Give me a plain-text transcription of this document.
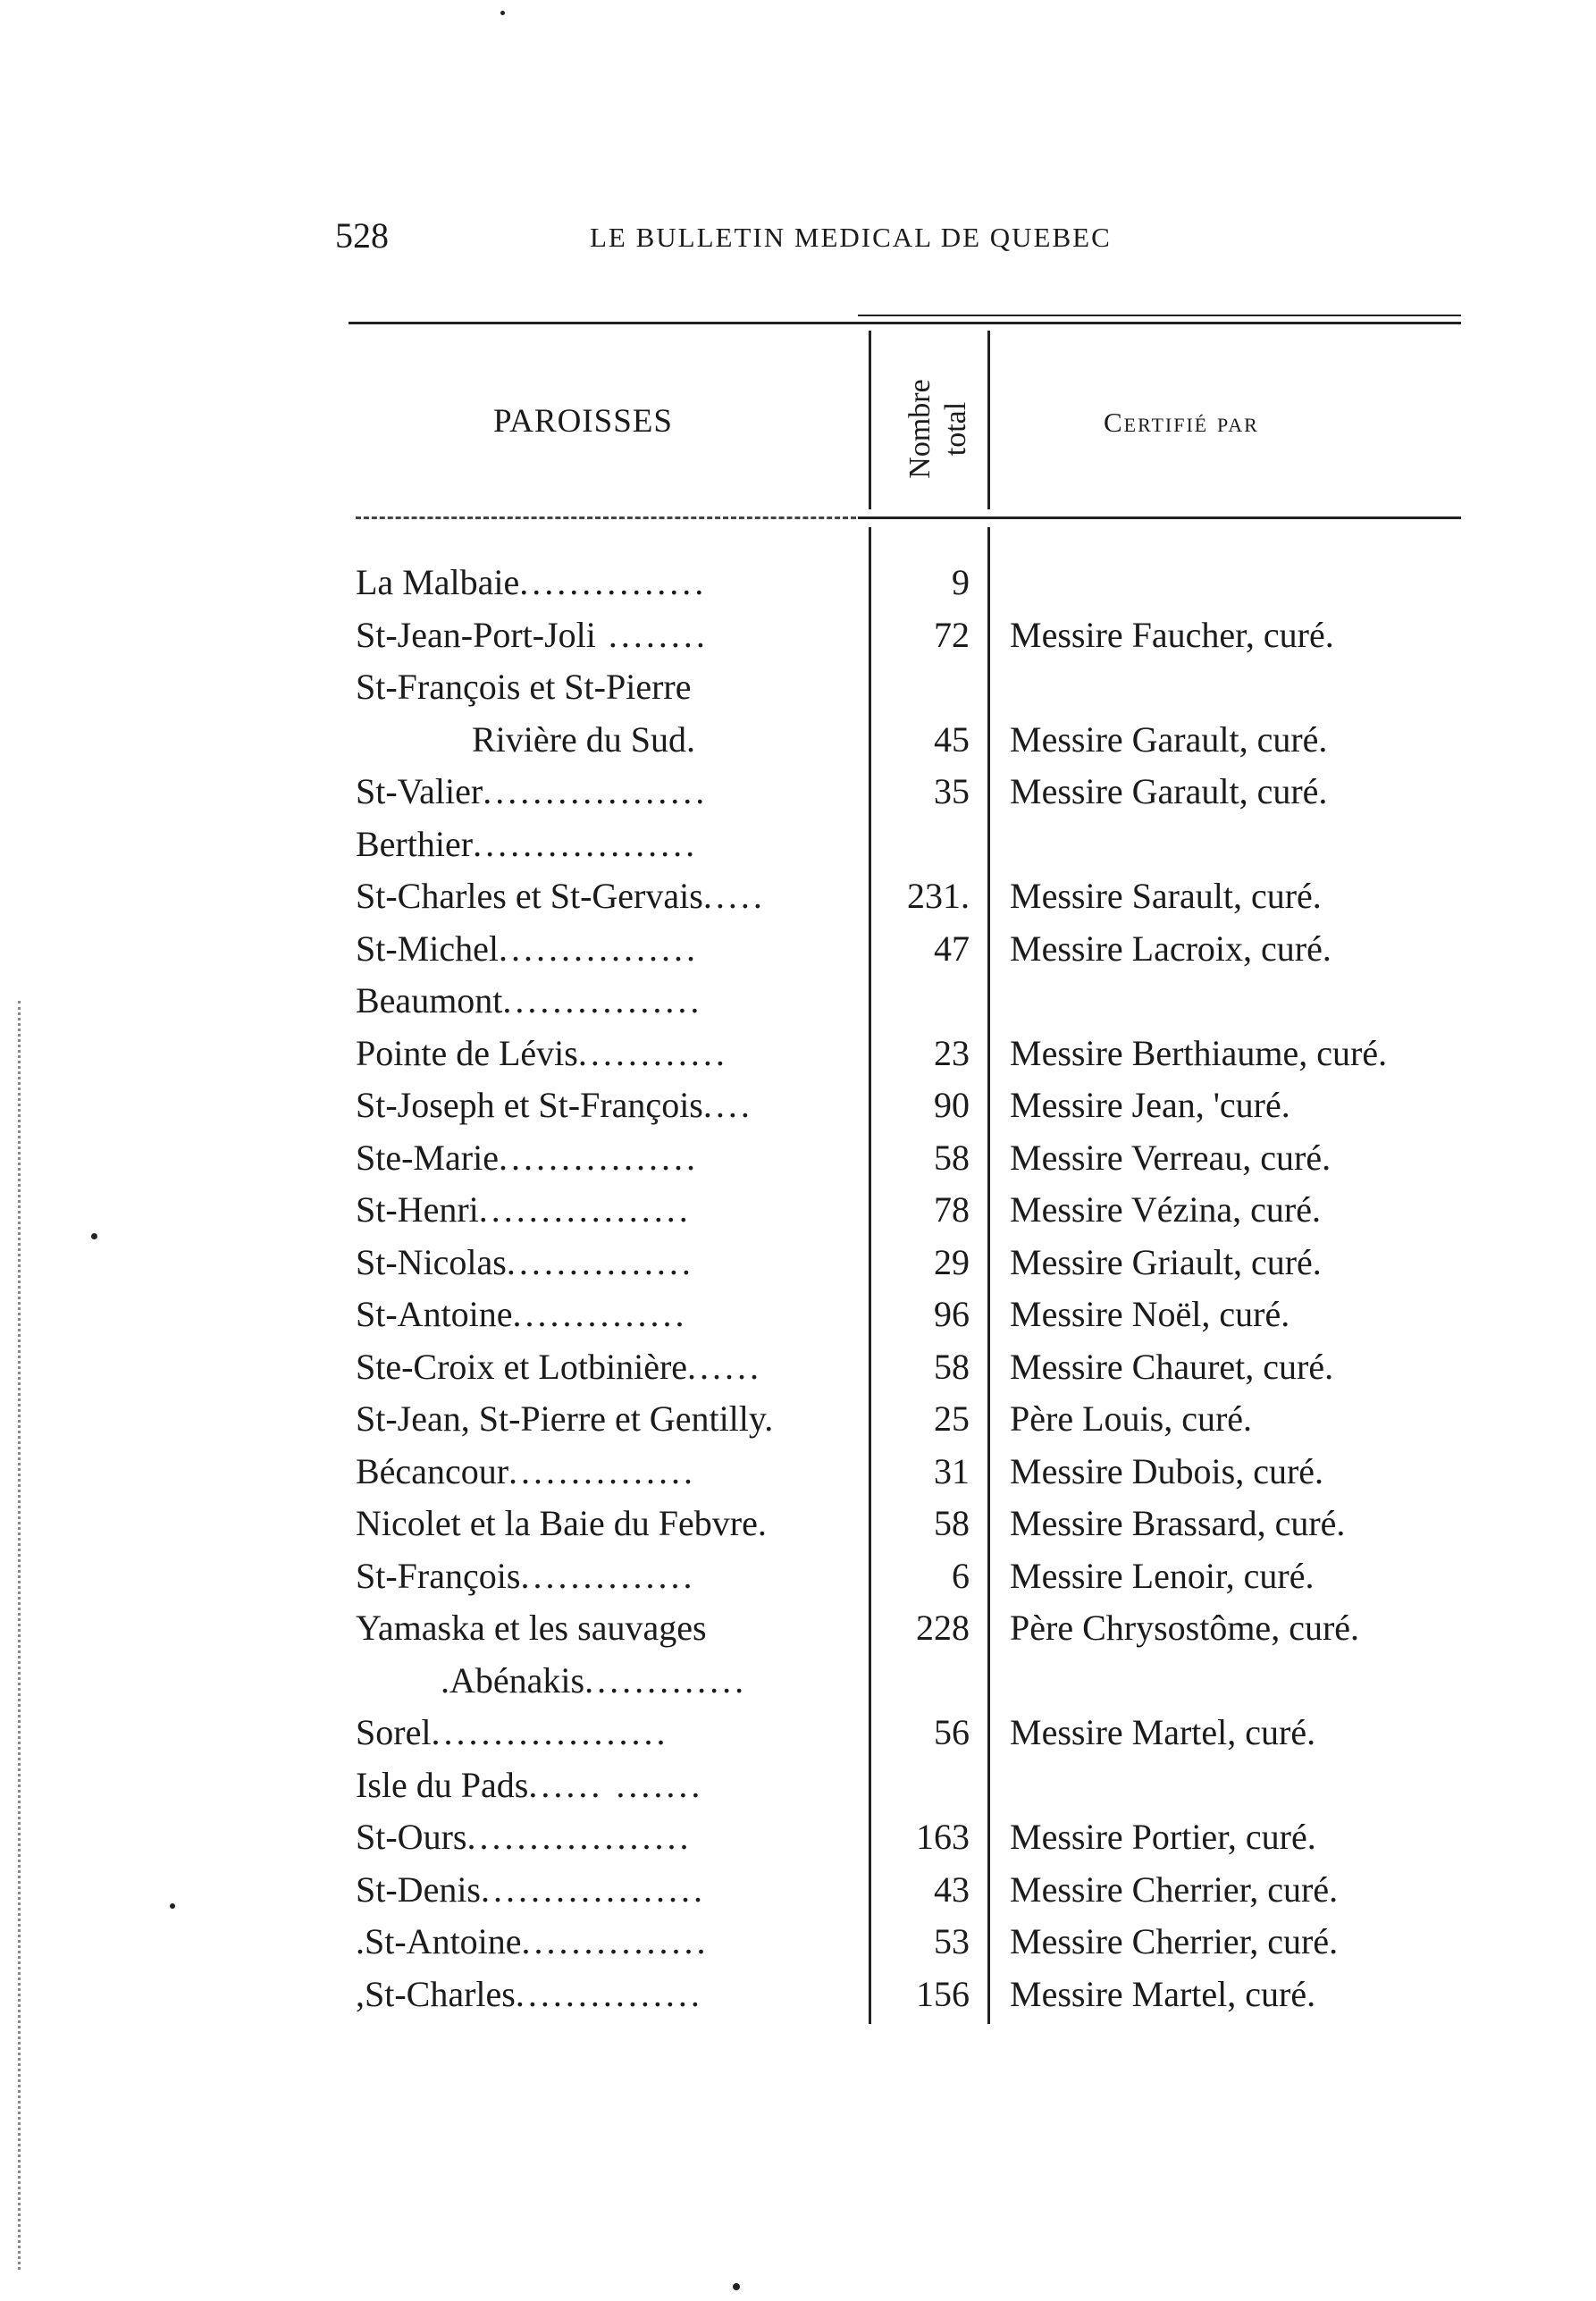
528	LE BULLETIN MEDICAL DE QUEBEC
PAROISSES	Nombre total	Certifié par
La Malbaie...............	9
St-Jean-Port-Joli ........	72 Messire Faucher, curé.
St-François et St-Pierre
Rivière du Sud.	45 Messire Garault, curé.
St-Valier..................	35 Messire Garault, curé.
Berthier..................
St-Charles et St-Gervais.....	231. Messire Sarault, curé.
St-Michel................	47 Messire Lacroix, curé.
Beaumont................
Pointe de Lévis............	23 Messire Berthiaume, curé.
St-Joseph et St-François....	90 Messire Jean, 'curé.
Ste-Marie................	58 Messire Verreau, curé.
St-Henri.................	78 Messire Vézina, curé.
St-Nicolas...............	29 Messire Griault, curé.
St-Antoine..............	96 Messire Noël, curé.
Ste-Croix et Lotbinière......	58 Messire Chauret, curé.
St-Jean, St-Pierre et Gentilly.	25 Père Louis, curé.
Bécancour...............	31 Messire Dubois, curé.
Nicolet et la Baie du Febvre.	58 Messire Brassard, curé.
St-François..............	6 Messire Lenoir, curé.
Yamaska et les sauvages	228 Père Chrysostôme, curé.
.Abénakis.............
Sorel...................	56 Messire Martel, curé.
Isle du Pads...... .......
St-Ours..................	163 Messire Portier, curé.
St-Denis..................	43 Messire Cherrier, curé.
.St-Antoine...............	53 Messire Cherrier, curé.
,St-Charles...............	156 Messire Martel, curé.
